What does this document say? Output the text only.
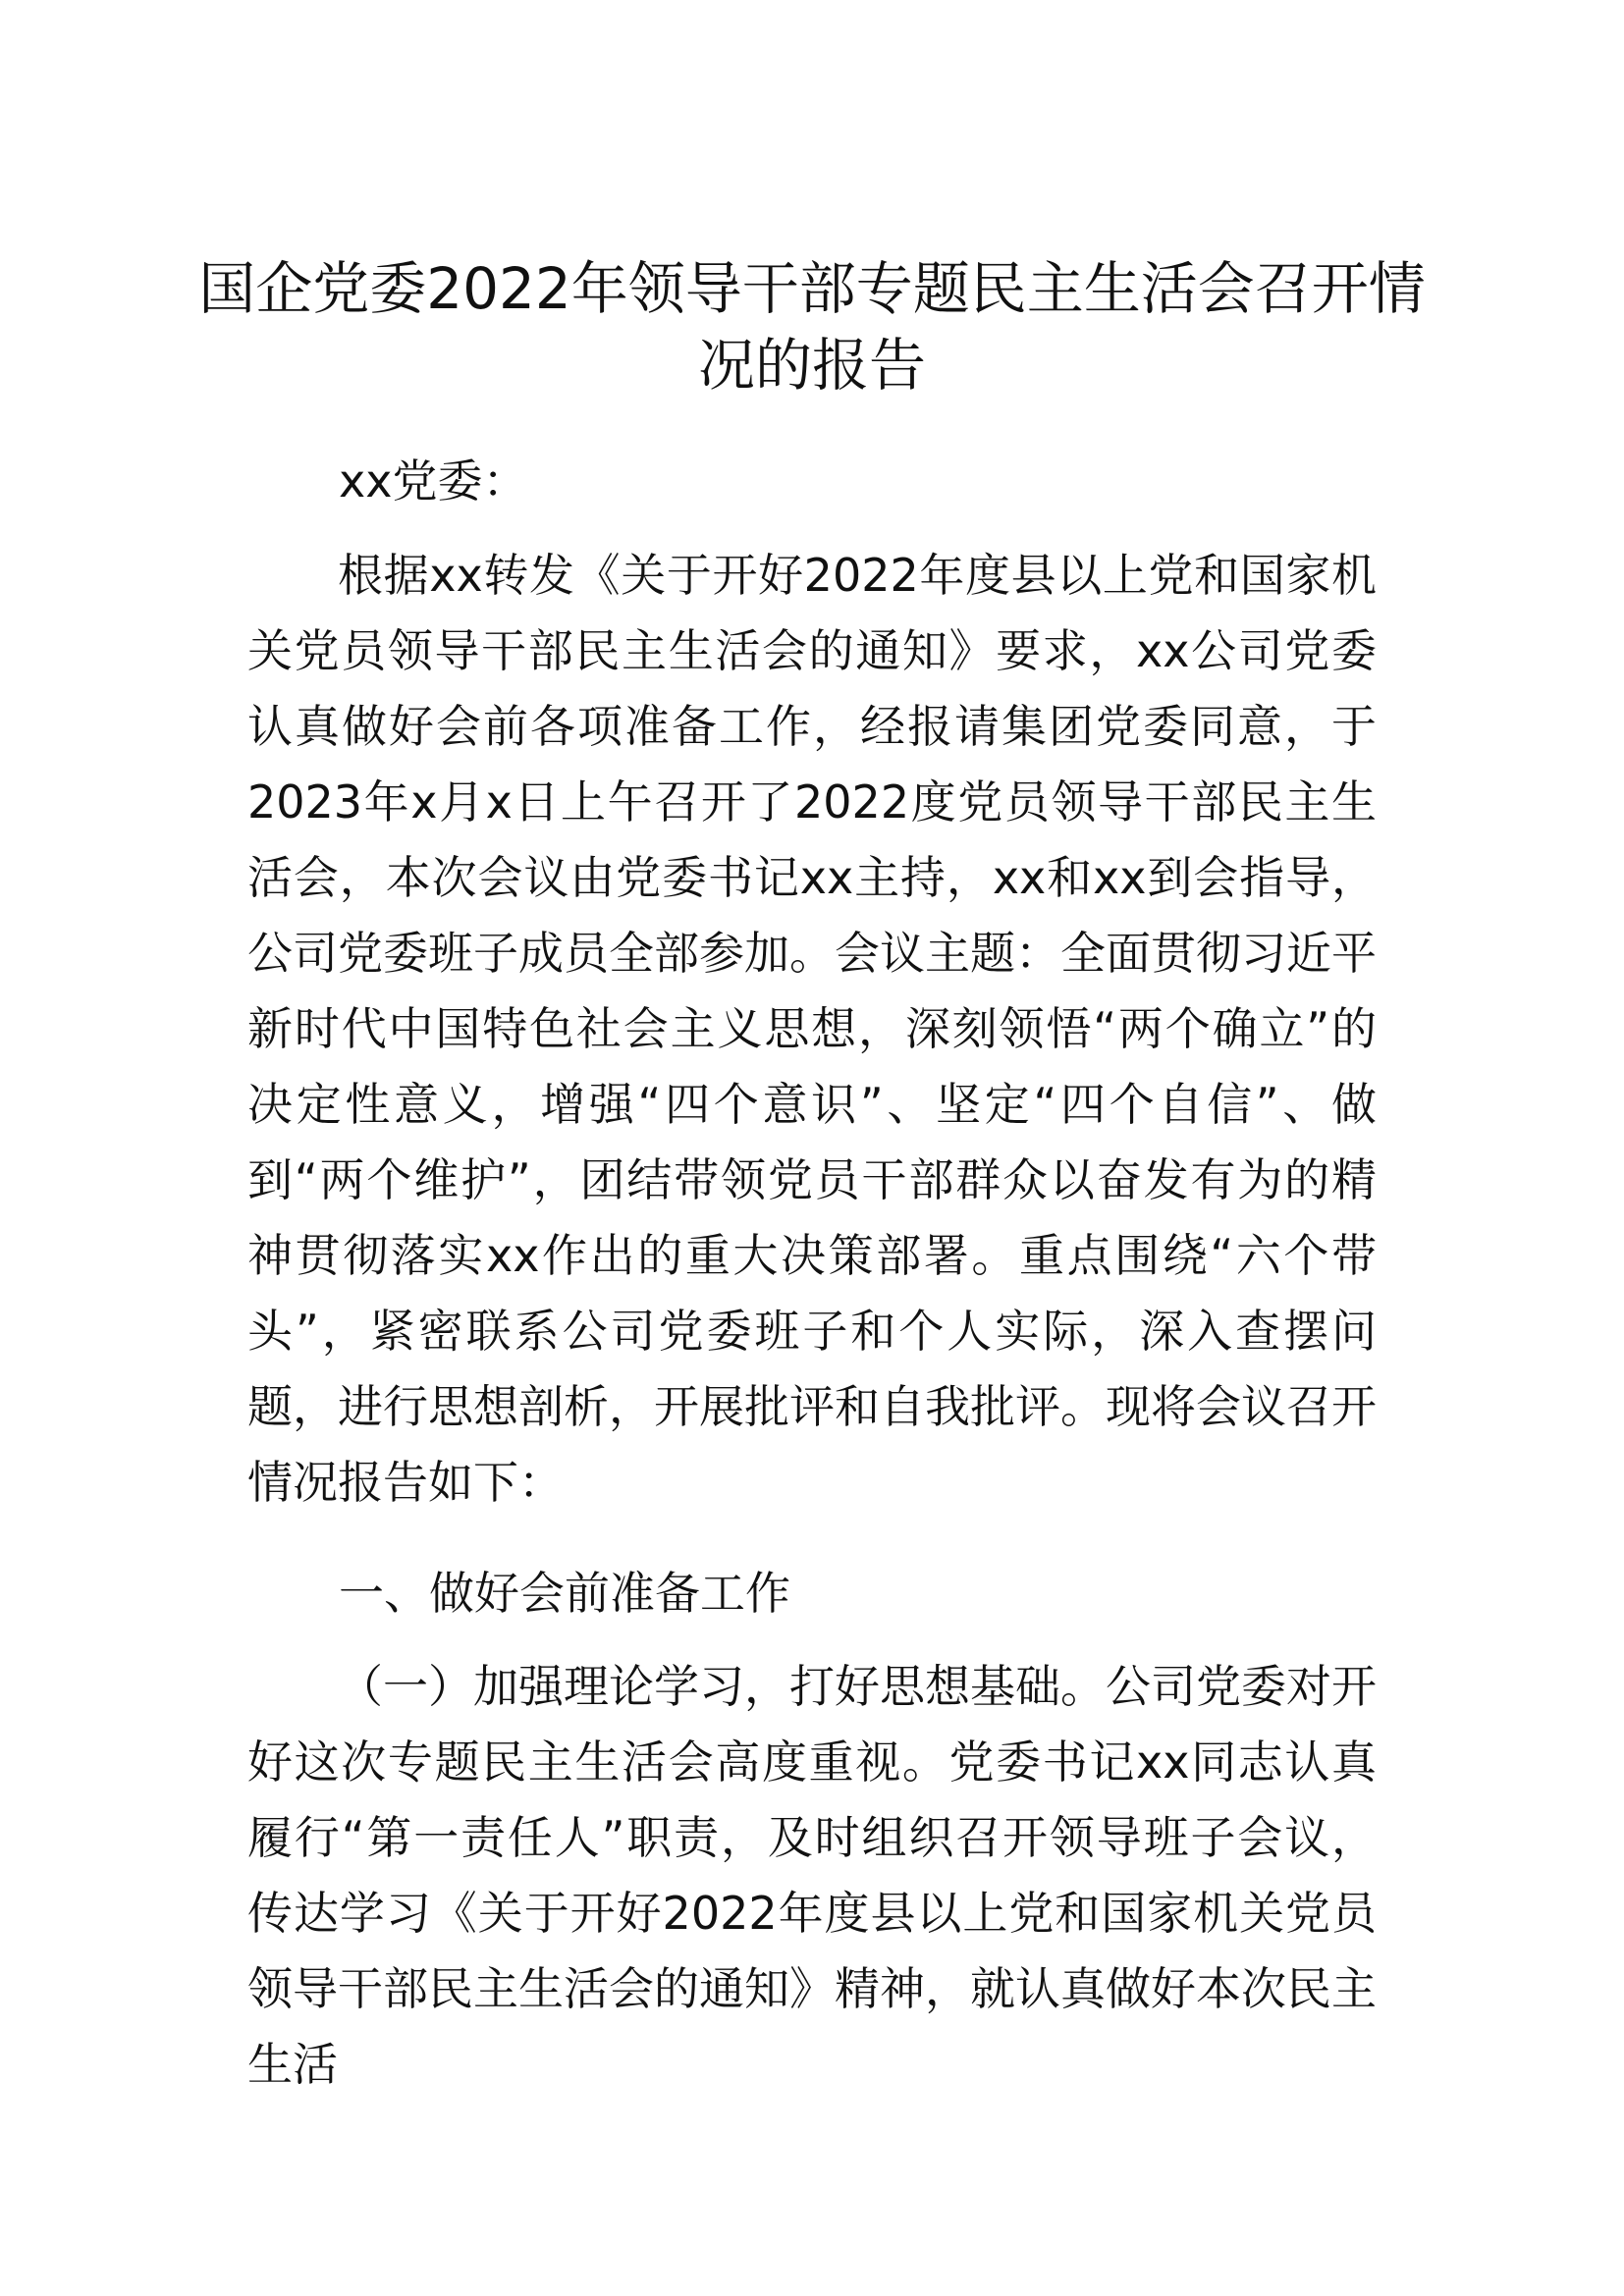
国企党委2022年领导干部专题民主生活会召开情况的报告

xx党委：

根据xx转发《关于开好2022年度县以上党和国家机关党员领导干部民主生活会的通知》要求，xx公司党委认真做好会前各项准备工作，经报请集团党委同意，于2023年x月x日上午召开了2022度党员领导干部民主生活会，本次会议由党委书记xx主持，xx和xx到会指导，公司党委班子成员全部参加。会议主题：全面贯彻习近平新时代中国特色社会主义思想，深刻领悟“两个确立”的决定性意义，增强“四个意识”、坚定“四个自信”、做到“两个维护”，团结带领党员干部群众以奋发有为的精神贯彻落实xx作出的重大决策部署。重点围绕“六个带头”，紧密联系公司党委班子和个人实际，深入查摆问题，进行思想剖析，开展批评和自我批评。现将会议召开情况报告如下：

一、做好会前准备工作

（一）加强理论学习，打好思想基础。公司党委对开好这次专题民主生活会高度重视。党委书记xx同志认真履行“第一责任人”职责，及时组织召开领导班子会议，传达学习《关于开好2022年度县以上党和国家机关党员领导干部民主生活会的通知》精神，就认真做好本次民主生活
